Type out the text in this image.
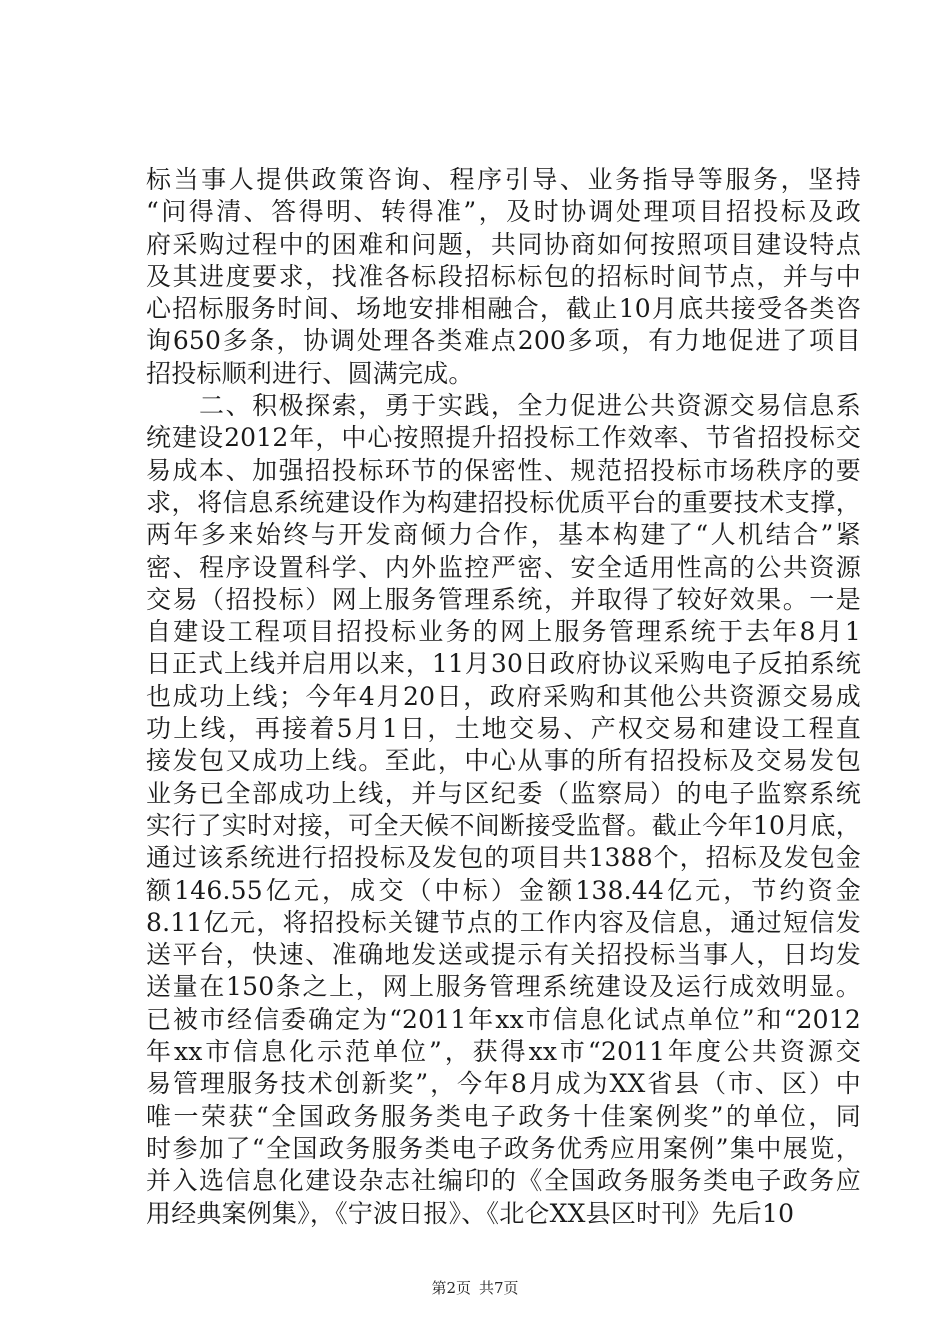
标当事人提供政策咨询、程序引导、业务指导等服务，坚持
“问得清、答得明、转得准”，及时协调处理项目招投标及政
府采购过程中的困难和问题，共同协商如何按照项目建设特点
及其进度要求，找准各标段招标标包的招标时间节点，并与中
心招标服务时间、场地安排相融合，截止10月底共接受各类咨
询650多条，协调处理各类难点200多项，有力地促进了项目
招投标顺利进行、圆满完成。
　　二、积极探索，勇于实践，全力促进公共资源交易信息系
统建设2012年，中心按照提升招投标工作效率、节省招投标交
易成本、加强招投标环节的保密性、规范招投标市场秩序的要
求，将信息系统建设作为构建招投标优质平台的重要技术支撑，
两年多来始终与开发商倾力合作，基本构建了“人机结合”紧
密、程序设置科学、内外监控严密、安全适用性高的公共资源
交易（招投标）网上服务管理系统，并取得了较好效果。一是
自建设工程项目招投标业务的网上服务管理系统于去年8月1
日正式上线并启用以来，11月30日政府协议采购电子反拍系统
也成功上线；今年4月20日，政府采购和其他公共资源交易成
功上线，再接着5月1日，土地交易、产权交易和建设工程直
接发包又成功上线。至此，中心从事的所有招投标及交易发包
业务已全部成功上线，并与区纪委（监察局）的电子监察系统
实行了实时对接，可全天候不间断接受监督。截止今年10月底，
通过该系统进行招投标及发包的项目共1388个，招标及发包金
额146.55亿元，成交（中标）金额138.44亿元，节约资金
8.11亿元，将招投标关键节点的工作内容及信息，通过短信发
送平台，快速、准确地发送或提示有关招投标当事人，日均发
送量在150条之上，网上服务管理系统建设及运行成效明显。
已被市经信委确定为“2011年xx市信息化试点单位”和“2012
年xx市信息化示范单位”，获得xx市“2011年度公共资源交
易管理服务技术创新奖”，今年8月成为XX省县（市、区）中
唯一荣获“全国政务服务类电子政务十佳案例奖”的单位，同
时参加了“全国政务服务类电子政务优秀应用案例”集中展览，
并入选信息化建设杂志社编印的《全国政务服务类电子政务应
用经典案例集》，《宁波日报》、《北仑XX县区时刊》先后10
第2页 共7页
